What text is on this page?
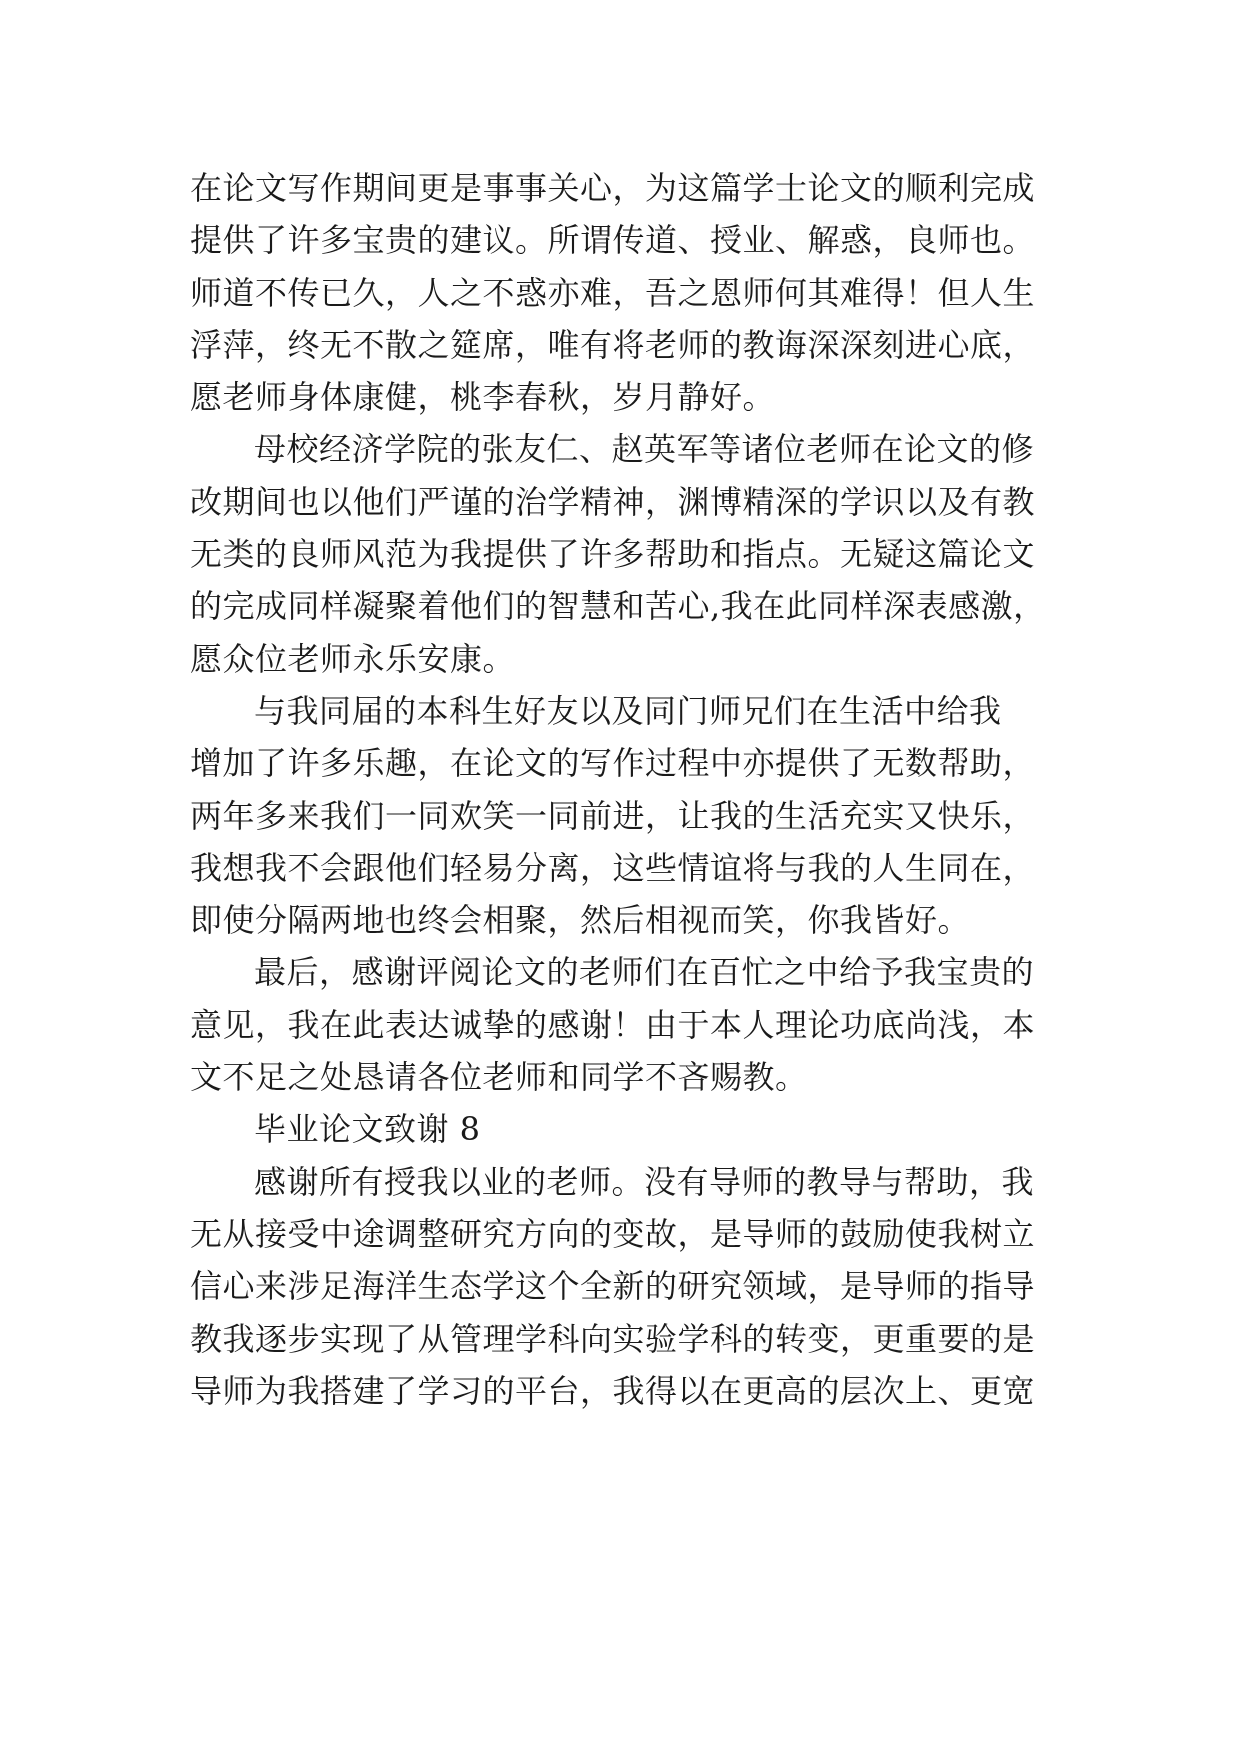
在论文写作期间更是事事关心，为这篇学士论文的顺利完成
提供了许多宝贵的建议。所谓传道、授业、解惑，良师也。
师道不传已久，人之不惑亦难，吾之恩师何其难得！但人生
浮萍，终无不散之筵席，唯有将老师的教诲深深刻进心底，
愿老师身体康健，桃李春秋，岁月静好。
母校经济学院的张友仁、赵英军等诸位老师在论文的修
改期间也以他们严谨的治学精神，渊博精深的学识以及有教
无类的良师风范为我提供了许多帮助和指点。无疑这篇论文
的完成同样凝聚着他们的智慧和苦心,我在此同样深表感激，
愿众位老师永乐安康。
与我同届的本科生好友以及同门师兄们在生活中给我
增加了许多乐趣，在论文的写作过程中亦提供了无数帮助，
两年多来我们一同欢笑一同前进，让我的生活充实又快乐，
我想我不会跟他们轻易分离，这些情谊将与我的人生同在，
即使分隔两地也终会相聚，然后相视而笑，你我皆好。
最后，感谢评阅论文的老师们在百忙之中给予我宝贵的
意见，我在此表达诚挚的感谢！由于本人理论功底尚浅，本
文不足之处恳请各位老师和同学不吝赐教。
毕业论文致谢 8
感谢所有授我以业的老师。没有导师的教导与帮助，我
无从接受中途调整研究方向的变故，是导师的鼓励使我树立
信心来涉足海洋生态学这个全新的研究领域，是导师的指导
教我逐步实现了从管理学科向实验学科的转变，更重要的是
导师为我搭建了学习的平台，我得以在更高的层次上、更宽
